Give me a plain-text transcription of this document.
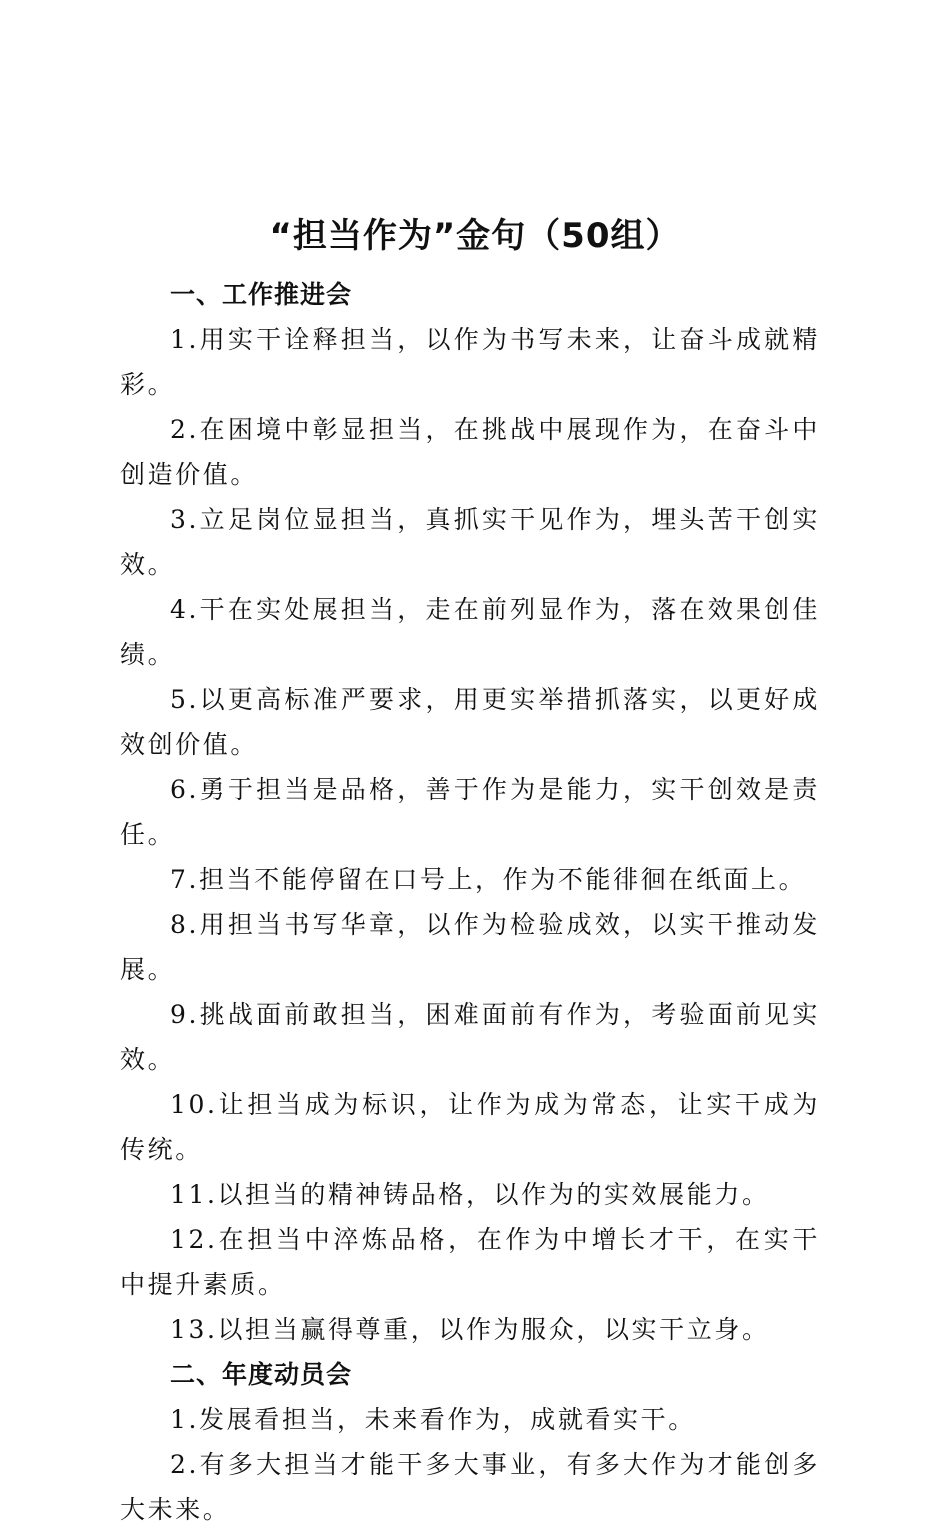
“担当作为”金句（50组）
一、工作推进会
1.用实干诠释担当，以作为书写未来，让奋斗成就精彩。
2.在困境中彰显担当，在挑战中展现作为，在奋斗中创造价值。
3.立足岗位显担当，真抓实干见作为，埋头苦干创实效。
4.干在实处展担当，走在前列显作为，落在效果创佳绩。
5.以更高标准严要求，用更实举措抓落实，以更好成效创价值。
6.勇于担当是品格，善于作为是能力，实干创效是责任。
7.担当不能停留在口号上，作为不能徘徊在纸面上。
8.用担当书写华章，以作为检验成效，以实干推动发展。
9.挑战面前敢担当，困难面前有作为，考验面前见实效。
10.让担当成为标识，让作为成为常态，让实干成为传统。
11.以担当的精神铸品格，以作为的实效展能力。
12.在担当中淬炼品格，在作为中增长才干，在实干中提升素质。
13.以担当赢得尊重，以作为服众，以实干立身。
二、年度动员会
1.发展看担当，未来看作为，成就看实干。
2.有多大担当才能干多大事业，有多大作为才能创多大未来。
